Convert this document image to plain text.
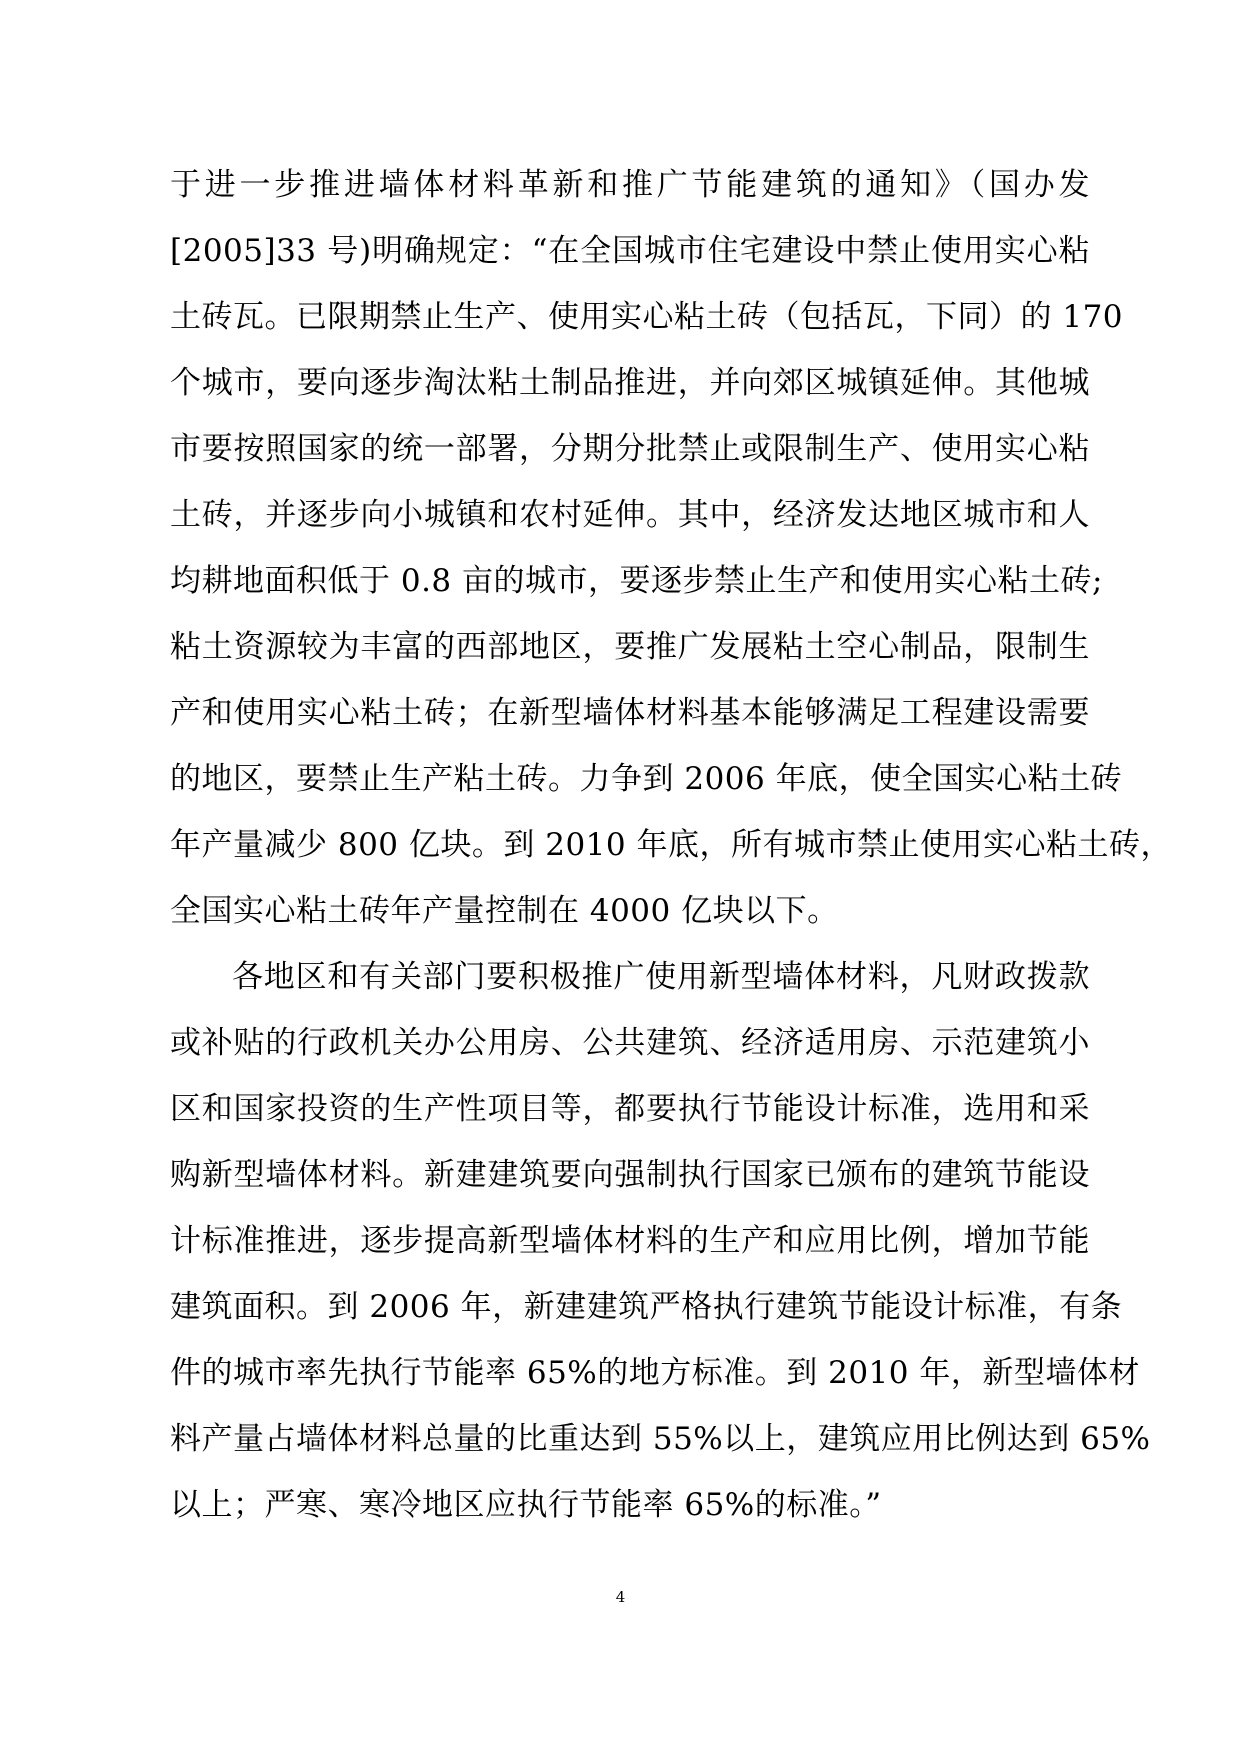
于进一步推进墙体材料革新和推广节能建筑的通知》（国办发
[2005]33 号)明确规定：“在全国城市住宅建设中禁止使用实心粘
土砖瓦。已限期禁止生产、使用实心粘土砖（包括瓦，下同）的 170
个城市，要向逐步淘汰粘土制品推进，并向郊区城镇延伸。其他城
市要按照国家的统一部署，分期分批禁止或限制生产、使用实心粘
土砖，并逐步向小城镇和农村延伸。其中，经济发达地区城市和人
均耕地面积低于 0.8 亩的城市，要逐步禁止生产和使用实心粘土砖;
粘土资源较为丰富的西部地区，要推广发展粘土空心制品，限制生
产和使用实心粘土砖；在新型墙体材料基本能够满足工程建设需要
的地区，要禁止生产粘土砖。力争到 2006 年底，使全国实心粘土砖
年产量减少 800 亿块。到 2010 年底，所有城市禁止使用实心粘土砖，
全国实心粘土砖年产量控制在 4000 亿块以下。
各地区和有关部门要积极推广使用新型墙体材料，凡财政拨款
或补贴的行政机关办公用房、公共建筑、经济适用房、示范建筑小
区和国家投资的生产性项目等，都要执行节能设计标准，选用和采
购新型墙体材料。新建建筑要向强制执行国家已颁布的建筑节能设
计标准推进，逐步提高新型墙体材料的生产和应用比例，增加节能
建筑面积。到 2006 年，新建建筑严格执行建筑节能设计标准，有条
件的城市率先执行节能率 65%的地方标准。到 2010 年，新型墙体材
料产量占墙体材料总量的比重达到 55%以上，建筑应用比例达到 65%
以上；严寒、寒冷地区应执行节能率 65%的标准。”
4
